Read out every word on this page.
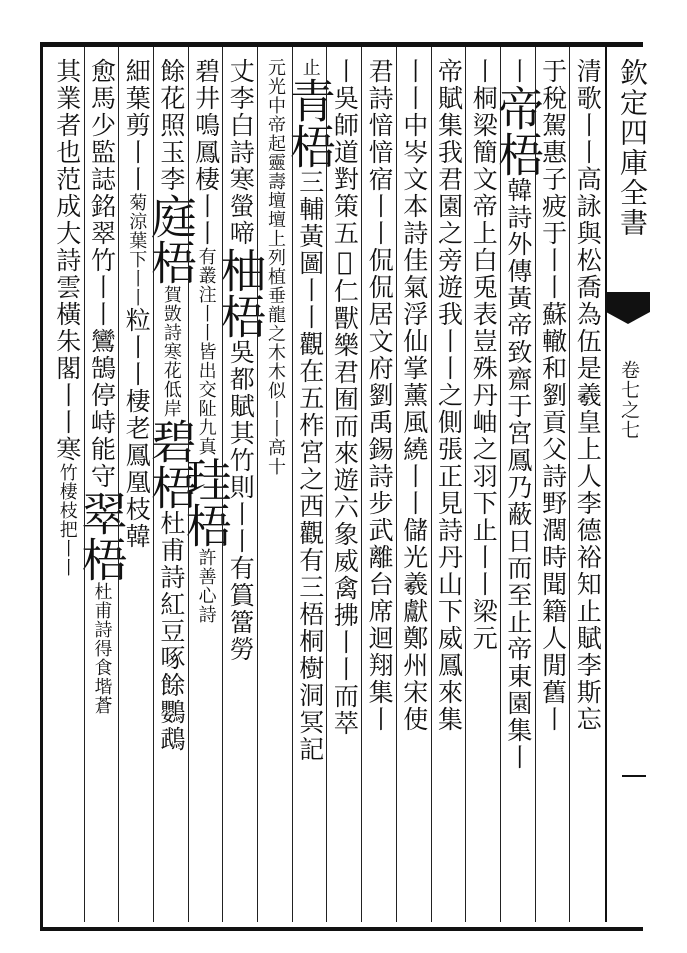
欽定四庫全書
卷七之七
清歌丨丨高詠與松喬為伍是羲皇上人李德裕知止賦李斯忘
于稅駕惠子疲于丨丨蘇轍和劉貢父詩野濶時聞籍人閒舊丨
丨帝梧韓詩外傳黃帝致齋于宮鳳乃蔽日而至止帝東園集丨
丨桐梁簡文帝上白兎表豈殊丹岫之羽下止丨丨梁元
帝賦集我君園之旁遊我丨丨之側張正見詩丹山下威鳳來集
丨丨中岑文本詩佳氣浮仙掌薰風繞丨丨儲光羲獻鄭州宋使
君詩愔愔宿丨丨侃侃居文府劉禹錫詩步武離台席迴翔集丨
丨吳師道對策五𨂙仁獸樂君囿而來遊六象威禽拂丨丨而萃
止青梧三輔黃圖丨丨觀在五柞宮之西觀有三梧桐樹洞冥記
元光中帝起靈壽壇壇上列植垂龍之木木似丨丨高十
丈李白詩寒螢啼柚梧吳都賦其竹則丨丨有篔簹勞
碧井鳴鳳棲丨丨有叢注丨丨皆出交阯九真珪梧許善心詩
餘花照玉李庭梧賀敳詩寒花低岸碧梧杜甫詩紅豆啄餘鸚鵡
細葉剪丨丨菊涼葉下丨丨粒丨丨棲老鳳凰枝韓
愈馬少監誌銘翠竹丨丨鸞鵠停峙能守翠梧杜甫詩得食堦蒼
其業者也范成大詩雲橫朱閣丨丨寒竹棲枝把丨丨
